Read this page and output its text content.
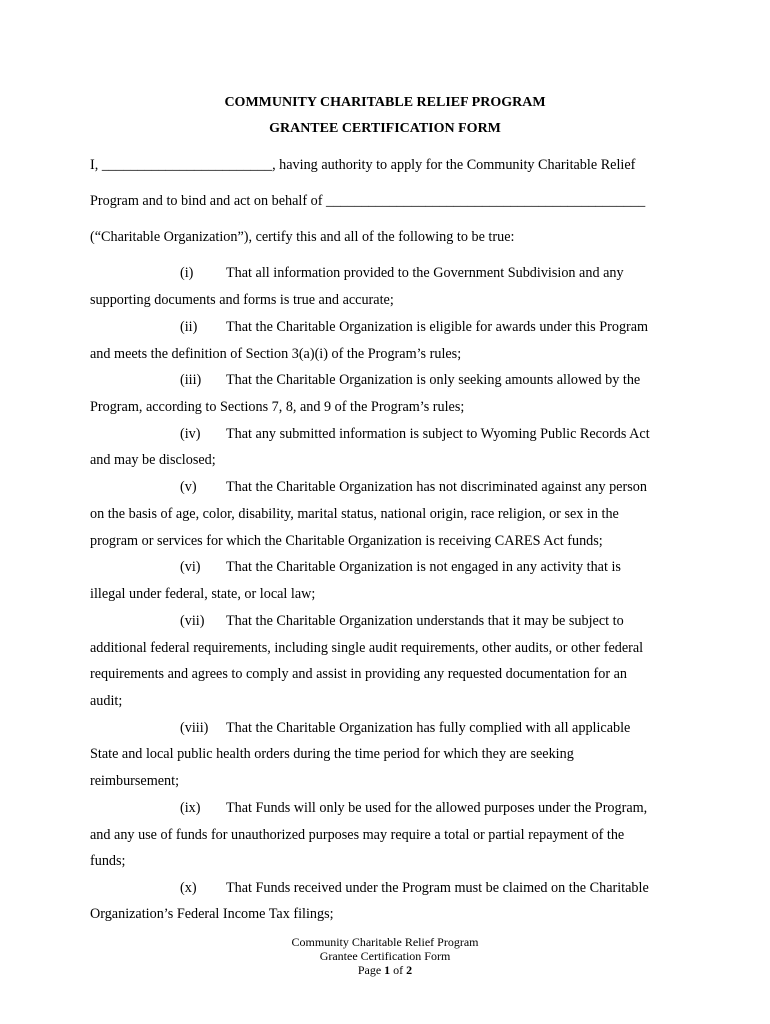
COMMUNITY CHARITABLE RELIEF PROGRAM
GRANTEE CERTIFICATION FORM
I, ________________________, having authority to apply for the Community Charitable Relief
Program and to bind and act on behalf of _____________________________________________
(“Charitable Organization”), certify this and all of the following to be true:
(i) That all information provided to the Government Subdivision and any
supporting documents and forms is true and accurate;
(ii) That the Charitable Organization is eligible for awards under this Program
and meets the definition of Section 3(a)(i) of the Program’s rules;
(iii) That the Charitable Organization is only seeking amounts allowed by the
Program, according to Sections 7, 8, and 9 of the Program’s rules;
(iv) That any submitted information is subject to Wyoming Public Records Act
and may be disclosed;
(v) That the Charitable Organization has not discriminated against any person
on the basis of age, color, disability, marital status, national origin, race religion, or sex in the
program or services for which the Charitable Organization is receiving CARES Act funds;
(vi) That the Charitable Organization is not engaged in any activity that is
illegal under federal, state, or local law;
(vii) That the Charitable Organization understands that it may be subject to
additional federal requirements, including single audit requirements, other audits, or other federal
requirements and agrees to comply and assist in providing any requested documentation for an
audit;
(viii) That the Charitable Organization has fully complied with all applicable
State and local public health orders during the time period for which they are seeking
reimbursement;
(ix) That Funds will only be used for the allowed purposes under the Program,
and any use of funds for unauthorized purposes may require a total or partial repayment of the
funds;
(x) That Funds received under the Program must be claimed on the Charitable
Organization’s Federal Income Tax filings;
Community Charitable Relief Program
Grantee Certification Form
Page 1 of 2
